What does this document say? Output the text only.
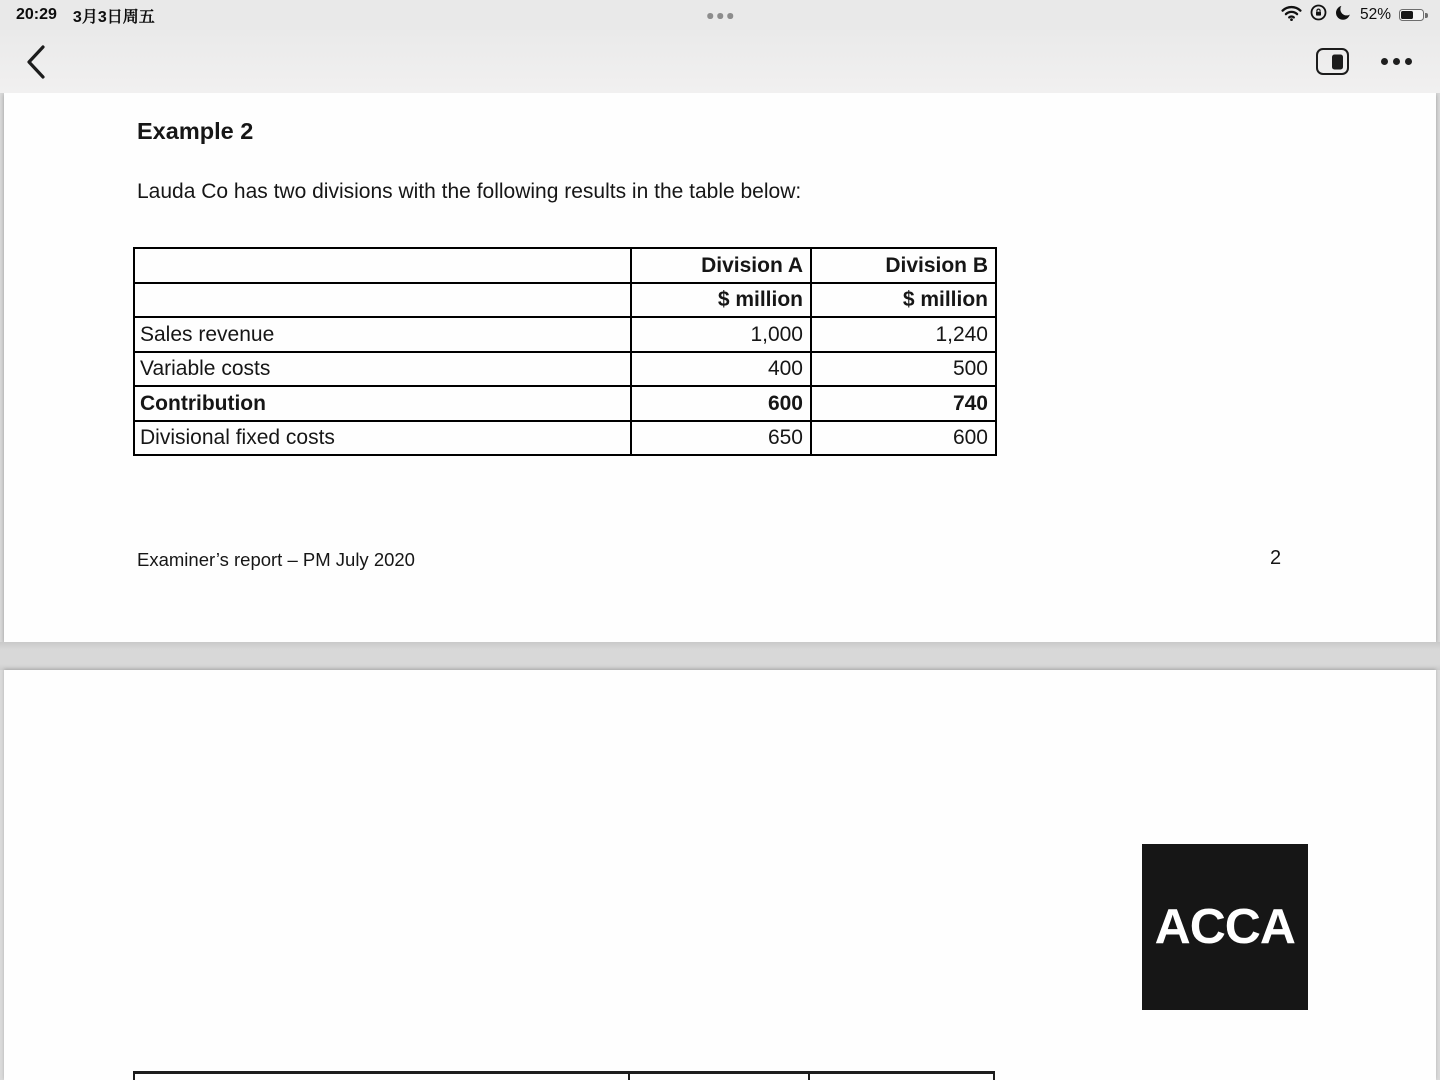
20:29 3月3日周五	52%
Example 2
Lauda Co has two divisions with the following results in the table below:
	Division A	Division B
	$ million	$ million
Sales revenue	1,000	1,240
Variable costs	400	500
Contribution	600	740
Divisional fixed costs	650	600
Examiner’s report – PM July 2020	2
ACCA
